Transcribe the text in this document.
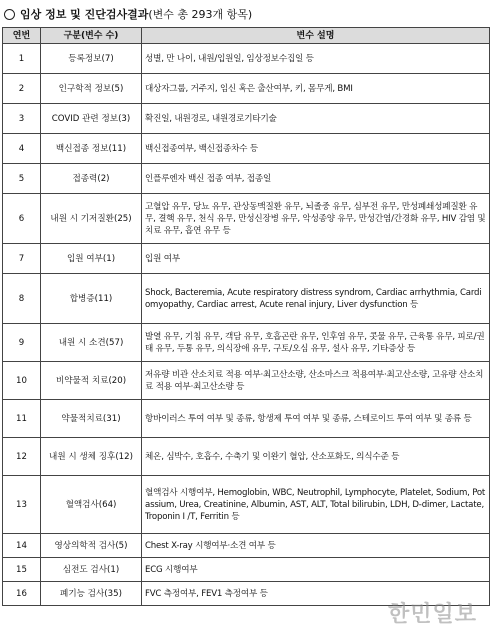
임상 정보 및 진단검사결과 (변수 총 293개 항목)
연번	구분(변수 수)	변수 설명
1	등록정보(7)	성별, 만 나이, 내원/입원일, 임상정보수집일 등
2	인구학적 정보(5)	대상자그룹, 거주지, 임신 혹은 출산여부, 키, 몸무게, BMI
3	COVID 관련 정보(3)	확진일, 내원경로, 내원경로기타기술
4	백신접종 정보(11)	백신접종여부, 백신접종차수 등
5	접종력(2)	인플루엔자 백신 접종 여부, 접종일
6	내원 시 기저질환(25)	고혈압 유무, 당뇨 유무, 관상동맥질환 유무, 뇌졸중 유무, 심부전 유무, 만성폐쇄성폐질환 유무, 결핵 유무, 천식 유무, 만성신장병 유무, 악성종양 유무, 만성간염/간경화 유무, HIV 감염 및 치료 유무, 흡연 유무 등
7	입원 여부(1)	입원 여부
8	합병증(11)	Shock, Bacteremia, Acute respiratory distress syndrom, Cardiac arrhythmia, Cardiomyopathy, Cardiac arrest, Acute renal injury, Liver dysfunction 등
9	내원 시 소견(57)	발열 유무, 기침 유무, 객담 유무, 호흡곤란 유무, 인후염 유무, 콧물 유무, 근육통 유무, 피로/권태 유무, 두통 유무, 의식장애 유무, 구토/오심 유무, 설사 유무, 기타증상 등
10	비약물적 치료(20)	저유량 비관 산소치료 적용 여부·최고산소량, 산소마스크 적용여부·최고산소량, 고유량 산소치료 적용 여부·최고산소량 등
11	약물적치료(31)	항바이러스 투여 여부 및 종류, 항생제 투여 여부 및 종류, 스테로이드 투여 여부 및 종류 등
12	내원 시 생체 징후(12)	체온, 심박수, 호흡수, 수축기 및 이완기 혈압, 산소포화도, 의식수준 등
13	혈액검사(64)	혈액검사 시행여부, Hemoglobin, WBC, Neutrophil, Lymphocyte, Platelet, Sodium, Potassium, Urea, Creatinine, Albumin, AST, ALT, Total bilirubin, LDH, D-dimer, Lactate, Troponin I /T, Ferritin 등
14	영상의학적 검사(5)	Chest X-ray 시행여부·소견 여부 등
15	심전도 검사(1)	ECG 시행여부
16	폐기능 검사(35)	FVC 측정여부, FEV1 측정여부 등
한민일보
